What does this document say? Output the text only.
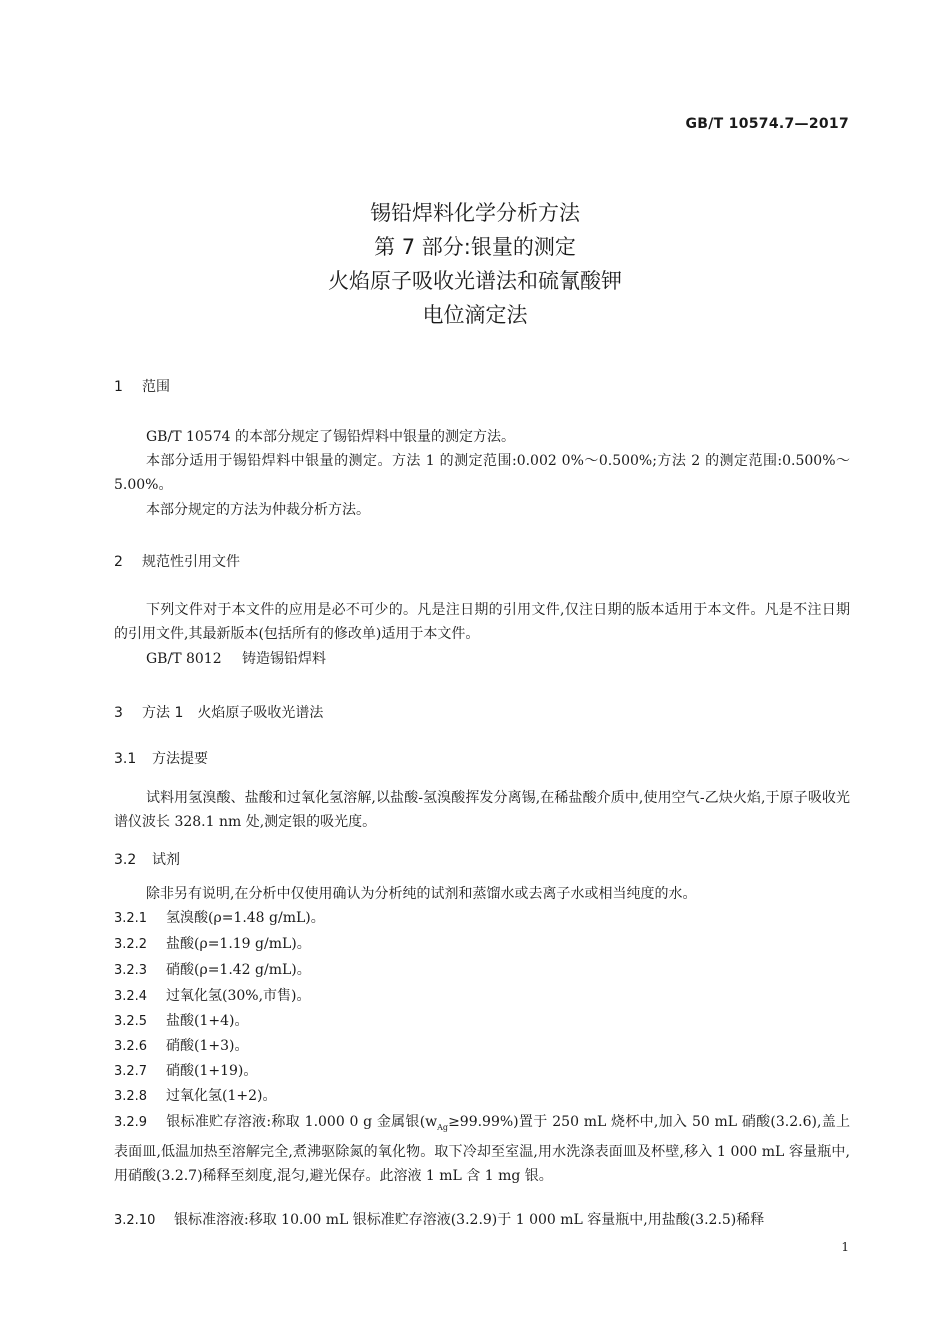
GB/T 10574.7—2017
锡铅焊料化学分析方法
第 7 部分:银量的测定
火焰原子吸收光谱法和硫氰酸钾
电位滴定法
1 范围

GB/T 10574 的本部分规定了锡铅焊料中银量的测定方法。

本部分适用于锡铅焊料中银量的测定。方法 1 的测定范围:0.002 0%～0.500%;方法 2 的测定范围:0.500%～5.00%。

本部分规定的方法为仲裁分析方法。

2 规范性引用文件

下列文件对于本文件的应用是必不可少的。凡是注日期的引用文件,仅注日期的版本适用于本文件。凡是不注日期的引用文件,其最新版本(包括所有的修改单)适用于本文件。

GB/T 8012 铸造锡铅焊料
3 方法 1　火焰原子吸收光谱法
3.1 方法提要

试料用氢溴酸、盐酸和过氧化氢溶解,以盐酸-氢溴酸挥发分离锡,在稀盐酸介质中,使用空气-乙炔火焰,于原子吸收光谱仪波长 328.1 nm 处,测定银的吸光度。

3.2 试剂

除非另有说明,在分析中仅使用确认为分析纯的试剂和蒸馏水或去离子水或相当纯度的水。

3.2.1 氢溴酸(ρ=1.48 g/mL)。

3.2.2 盐酸(ρ=1.19 g/mL)。

3.2.3 硝酸(ρ=1.42 g/mL)。

3.2.4 过氧化氢(30%,市售)。

3.2.5 盐酸(1+4)。

3.2.6 硝酸(1+3)。

3.2.7 硝酸(1+19)。

3.2.8 过氧化氢(1+2)。

3.2.9 银标准贮存溶液:称取 1.000 0 g 金属银$(w_{Ag}\ge 99.99\%)$置于 250 mL 烧杯中,加入 50 mL 硝酸(3.2.6),盖上表面皿,低温加热至溶解完全,煮沸驱除氮的氧化物。取下冷却至室温,用水洗涤表面皿及杯壁,移入 1 000 mL 容量瓶中,用硝酸(3.2.7)稀释至刻度,混匀,避光保存。此溶液 1 mL 含 1 mg 银。

3.2.10 银标准溶液:移取 10.00 mL 银标准贮存溶液(3.2.9)于 1 000 mL 容量瓶中,用盐酸(3.2.5)稀释

1
